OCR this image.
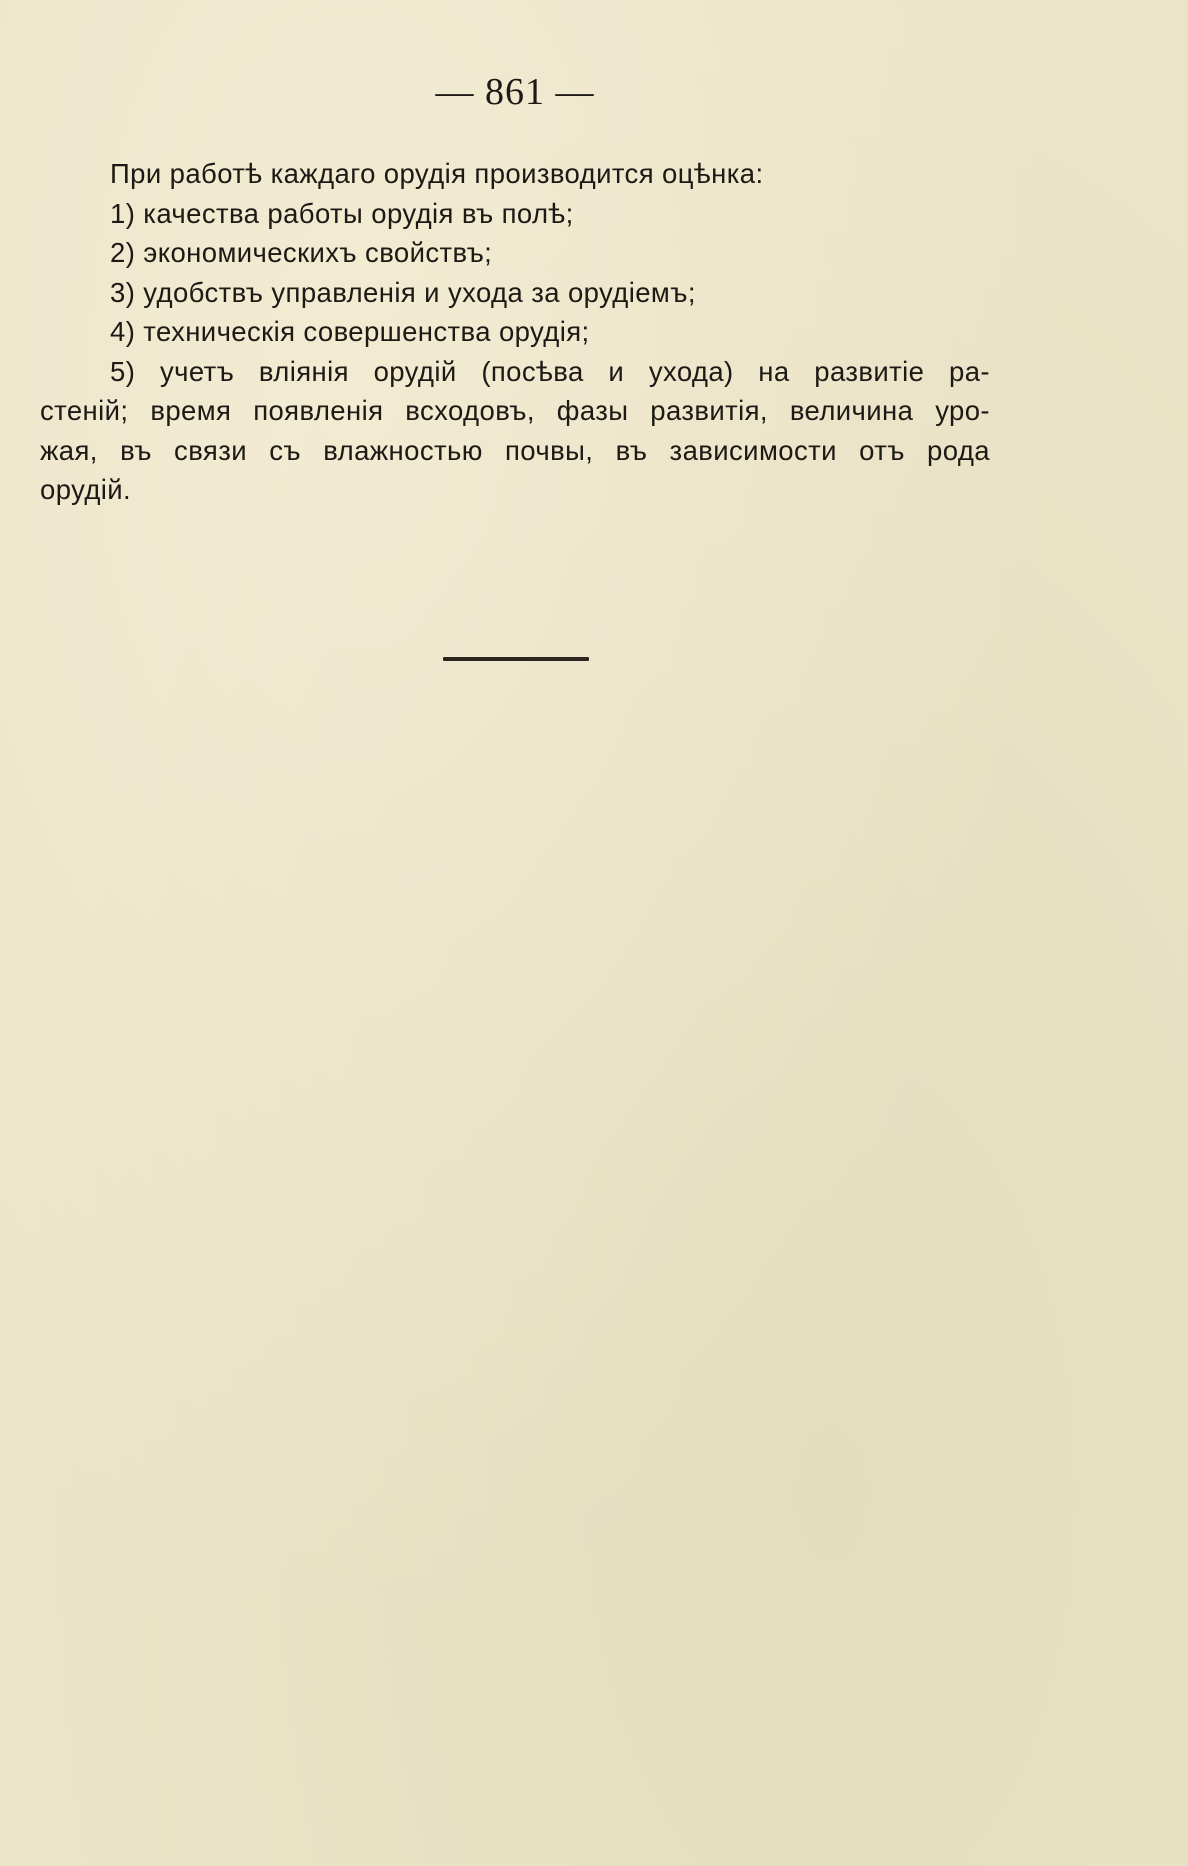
— 861 —
При работѣ каждаго орудія производится оцѣнка:
1) качества работы орудія въ полѣ;
2) экономическихъ свойствъ;
3) удобствъ управленія и ухода за орудіемъ;
4) техническія совершенства орудія;
5) учетъ вліянія орудій (посѣва и ухода) на развитіе ра-
стеній; время появленія всходовъ, фазы развитія, величина уро-
жая, въ связи съ влажностью почвы, въ зависимости отъ рода
орудій.
